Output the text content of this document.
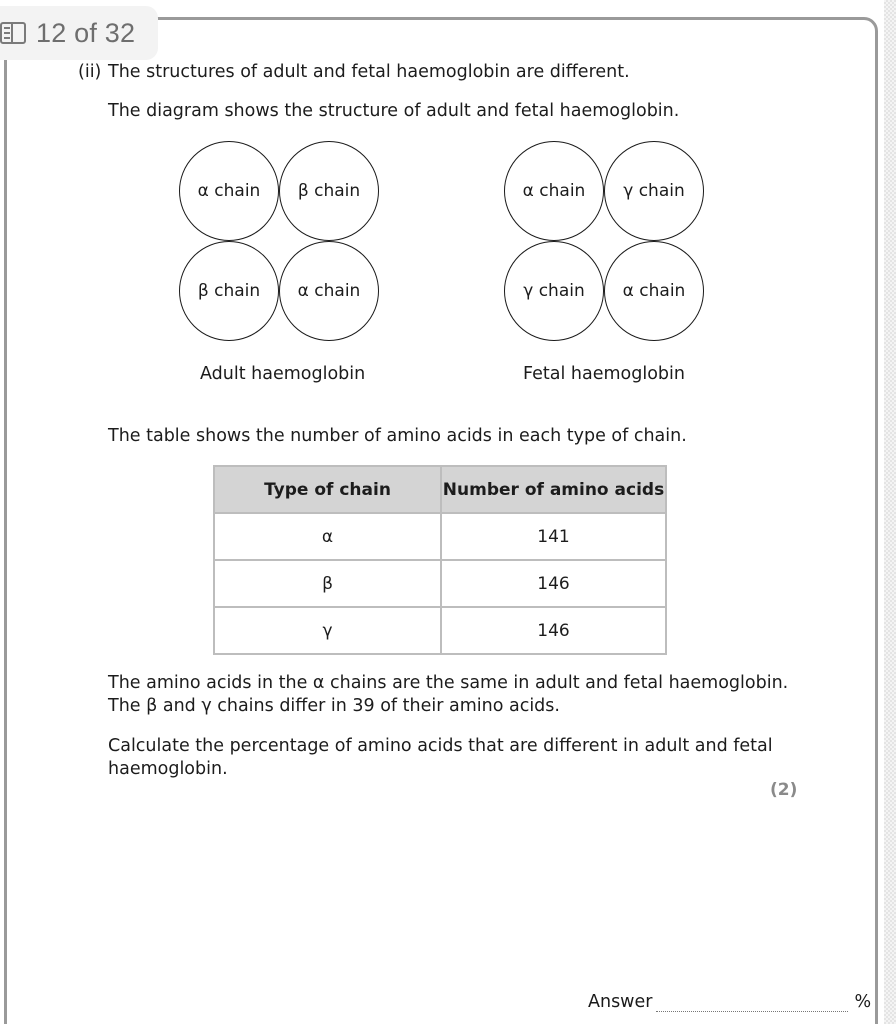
12 of 32
(ii) The structures of adult and fetal haemoglobin are different.
The diagram shows the structure of adult and fetal haemoglobin.
α chain	β chain
β chain	α chain
Adult haemoglobin
α chain	γ chain
γ chain	α chain
Fetal haemoglobin
The table shows the number of amino acids in each type of chain.
Type of chain	Number of amino acids
α	141
β	146
γ	146
The amino acids in the α chains are the same in adult and fetal haemoglobin.
The β and γ chains differ in 39 of their amino acids.
Calculate the percentage of amino acids that are different in adult and fetal
haemoglobin.
(2)
Answer	%
